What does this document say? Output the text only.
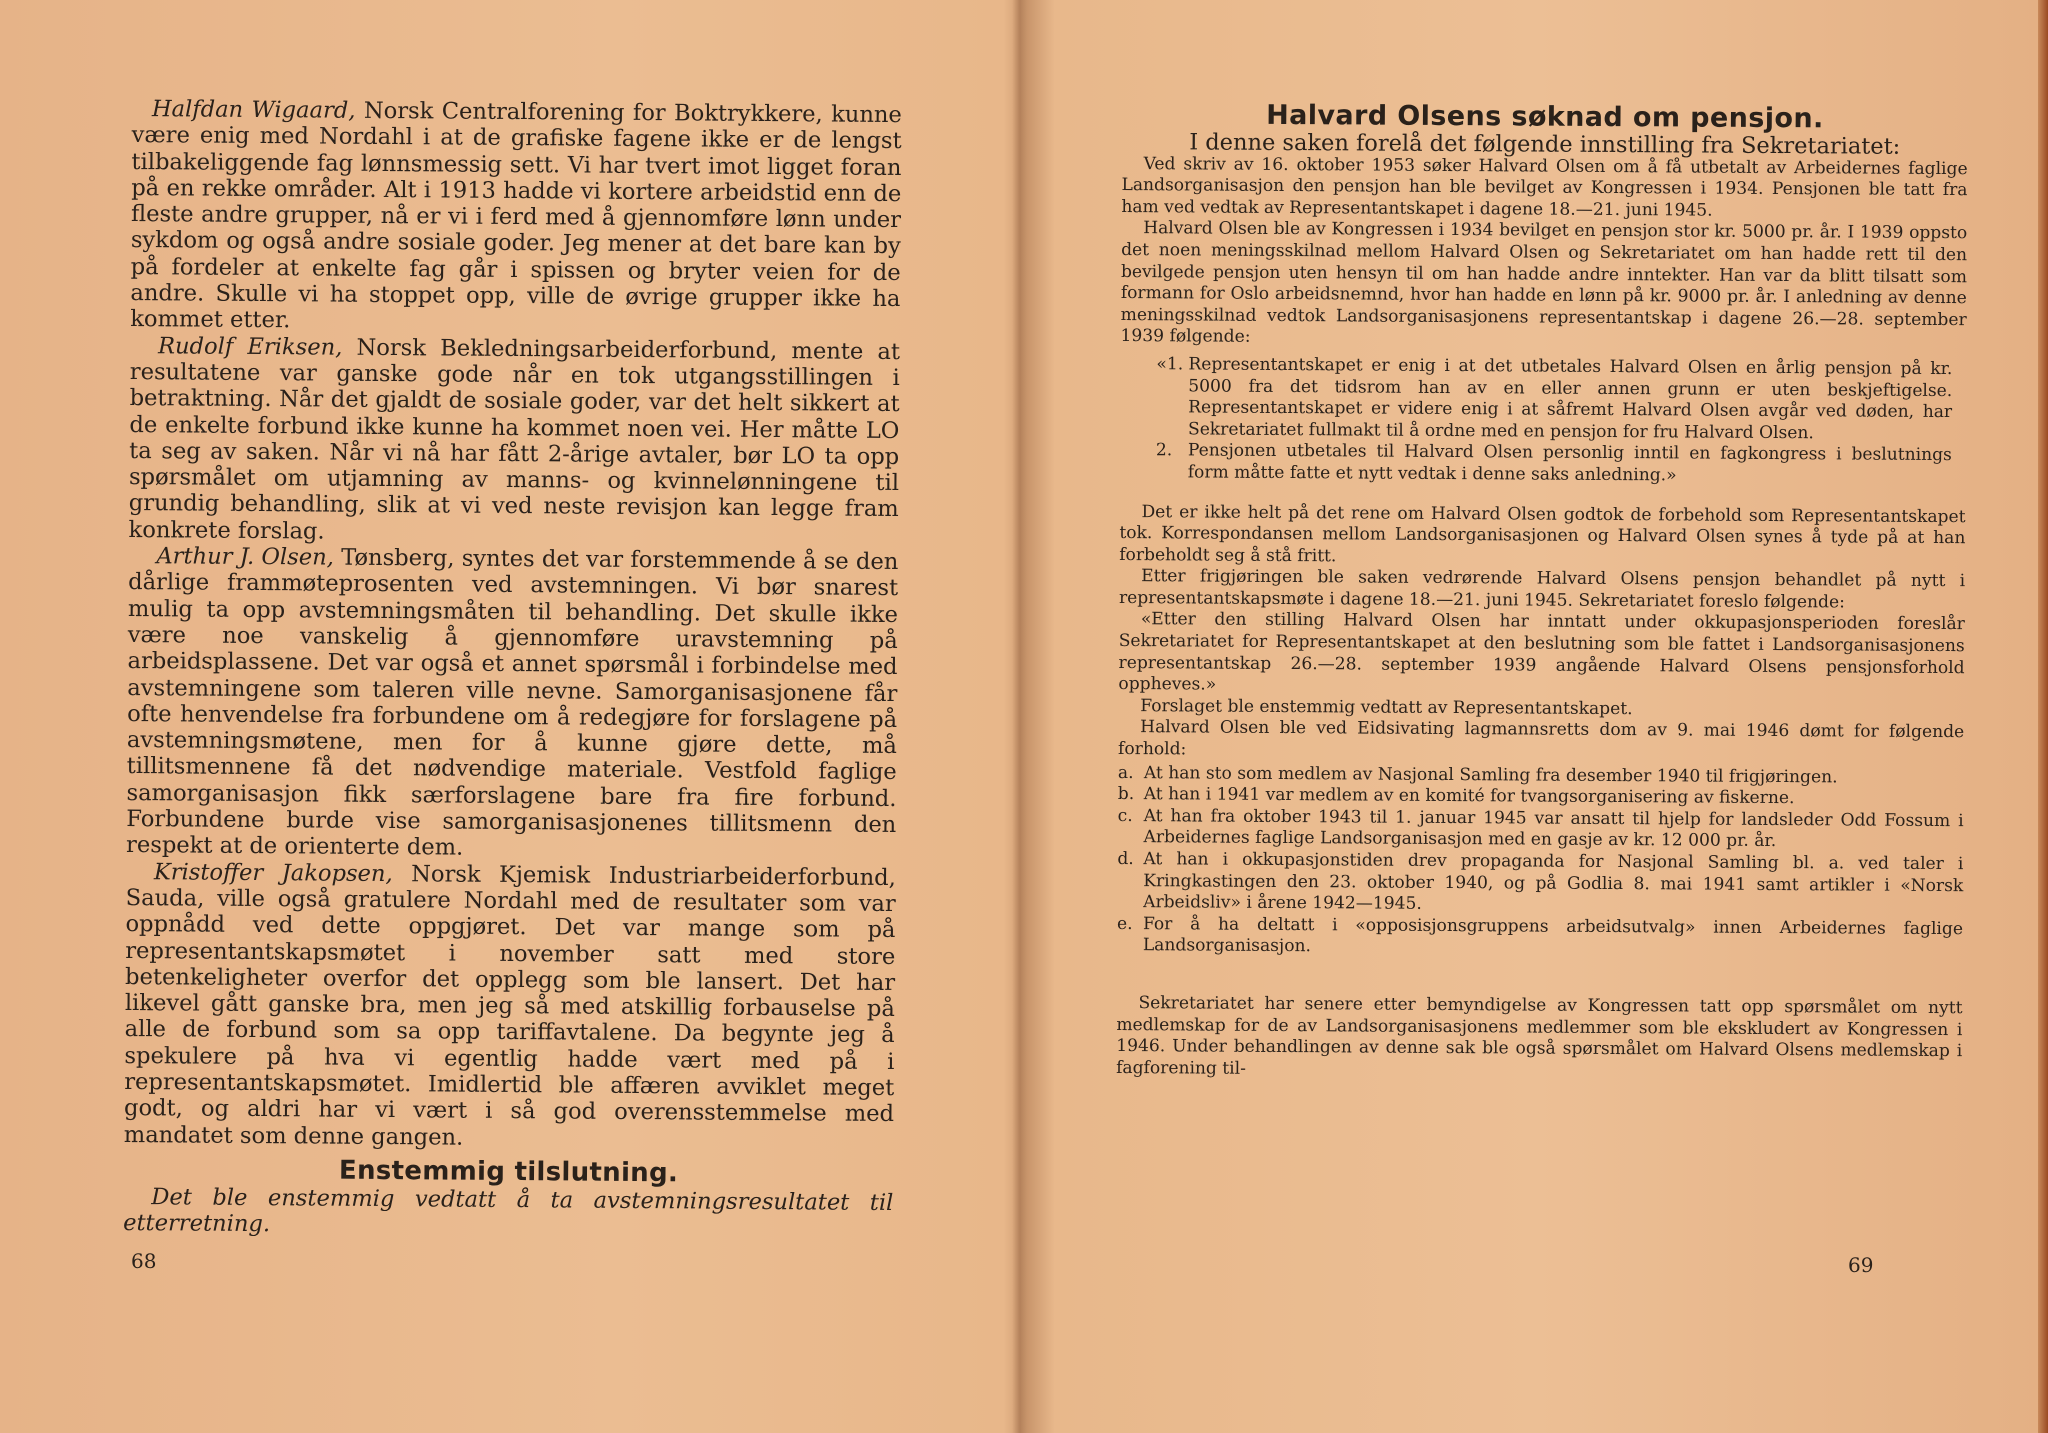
Halfdan Wigaard, Norsk Centralforening for Boktrykkere, kunne være enig med Nordahl i at de grafiske fagene ikke er de lengst tilbakeliggende fag lønnsmessig sett. Vi har tvert imot ligget foran på en rekke områder. Alt i 1913 hadde vi kortere arbeidstid enn de fleste andre grupper, nå er vi i ferd med å gjennomføre lønn under sykdom og også andre sosiale goder. Jeg mener at det bare kan by på fordeler at enkelte fag går i spissen og bryter veien for de andre. Skulle vi ha stoppet opp, ville de øvrige grupper ikke ha kommet etter.

Rudolf Eriksen, Norsk Bekledningsarbeiderforbund, mente at resultatene var ganske gode når en tok utgangsstillingen i betraktning. Når det gjaldt de sosiale goder, var det helt sikkert at de enkelte forbund ikke kunne ha kommet noen vei. Her måtte LO ta seg av saken. Når vi nå har fått 2-årige avtaler, bør LO ta opp spørsmålet om utjamning av manns- og kvinnelønningene til grundig behandling, slik at vi ved neste revisjon kan legge fram konkrete forslag.

Arthur J. Olsen, Tønsberg, syntes det var forstemmende å se den dårlige frammøteprosenten ved avstemningen. Vi bør snarest mulig ta opp avstemningsmåten til behandling. Det skulle ikke være noe vanskelig å gjennomføre uravstemning på arbeidsplassene. Det var også et annet spørsmål i forbindelse med avstemningene som taleren ville nevne. Samorganisasjonene får ofte henvendelse fra forbundene om å redegjøre for forslagene på avstemningsmøtene, men for å kunne gjøre dette, må tillitsmennene få det nødvendige materiale. Vestfold faglige samorganisasjon fikk særforslagene bare fra fire forbund. Forbundene burde vise samorganisasjonenes tillitsmenn den respekt at de orienterte dem.

Kristoffer Jakopsen, Norsk Kjemisk Industriarbeiderforbund, Sauda, ville også gratulere Nordahl med de resultater som var oppnådd ved dette oppgjøret. Det var mange som på representantskapsmøtet i november satt med store betenkeligheter overfor det opplegg som ble lansert. Det har likevel gått ganske bra, men jeg så med atskillig forbauselse på alle de forbund som sa opp tariffavtalene. Da begynte jeg å spekulere på hva vi egentlig hadde vært med på i representantskapsmøtet. Imidlertid ble affæren avviklet meget godt, og aldri har vi vært i så god overensstemmelse med mandatet som denne gangen.

Enstemmig tilslutning.

Det ble enstemmig vedtatt å ta avstemningsresultatet til etterretning.

68
Halvard Olsens søknad om pensjon.
I denne saken forelå det følgende innstilling fra Sekretariatet:

Ved skriv av 16. oktober 1953 søker Halvard Olsen om å få utbetalt av Arbeidernes faglige Landsorganisasjon den pensjon han ble bevilget av Kongressen i 1934. Pensjonen ble tatt fra ham ved vedtak av Representantskapet i dagene 18.—21. juni 1945.

Halvard Olsen ble av Kongressen i 1934 bevilget en pensjon stor kr. 5000 pr. år. I 1939 oppsto det noen meningsskilnad mellom Halvard Olsen og Sekretariatet om han hadde rett til den bevilgede pensjon uten hensyn til om han hadde andre inntekter. Han var da blitt tilsatt som formann for Oslo arbeidsnemnd, hvor han hadde en lønn på kr. 9000 pr. år. I anledning av denne meningsskilnad vedtok Landsorganisasjonens representantskap i dagene 26.—28. september 1939 følgende:

«1. Representantskapet er enig i at det utbetales Halvard Olsen en årlig pensjon på kr. 5000 fra det tidsrom han av en eller annen grunn er uten beskjeftigelse. Representantskapet er videre enig i at såfremt Halvard Olsen avgår ved døden, har Sekretariatet fullmakt til å ordne med en pensjon for fru Halvard Olsen.
2. Pensjonen utbetales til Halvard Olsen personlig inntil en fagkongress i beslutnings form måtte fatte et nytt vedtak i denne saks anledning.»

Det er ikke helt på det rene om Halvard Olsen godtok de forbehold som Representantskapet tok. Korrespondansen mellom Landsorganisasjonen og Halvard Olsen synes å tyde på at han forbeholdt seg å stå fritt.

Etter frigjøringen ble saken vedrørende Halvard Olsens pensjon behandlet på nytt i representantskapsmøte i dagene 18.—21. juni 1945. Sekretariatet foreslo følgende:

«Etter den stilling Halvard Olsen har inntatt under okkupasjonsperioden foreslår Sekretariatet for Representantskapet at den beslutning som ble fattet i Landsorganisasjonens representantskap 26.—28. september 1939 angående Halvard Olsens pensjonsforhold oppheves.»

Forslaget ble enstemmig vedtatt av Representantskapet.

Halvard Olsen ble ved Eidsivating lagmannsretts dom av 9. mai 1946 dømt for følgende forhold:

a. At han sto som medlem av Nasjonal Samling fra desember 1940 til frigjøringen.
b. At han i 1941 var medlem av en komité for tvangsorganisering av fiskerne.
c. At han fra oktober 1943 til 1. januar 1945 var ansatt til hjelp for landsleder Odd Fossum i Arbeidernes faglige Landsorganisasjon med en gasje av kr. 12 000 pr. år.
d. At han i okkupasjonstiden drev propaganda for Nasjonal Samling bl. a. ved taler i Kringkastingen den 23. oktober 1940, og på Godlia 8. mai 1941 samt artikler i «Norsk Arbeidsliv» i årene 1942—1945.
e. For å ha deltatt i «opposisjonsgruppens arbeidsutvalg» innen Arbeidernes faglige Landsorganisasjon.

Sekretariatet har senere etter bemyndigelse av Kongressen tatt opp spørsmålet om nytt medlemskap for de av Landsorganisasjonens medlemmer som ble ekskludert av Kongressen i 1946. Under behandlingen av denne sak ble også spørsmålet om Halvard Olsens medlemskap i fagforening til-

69
